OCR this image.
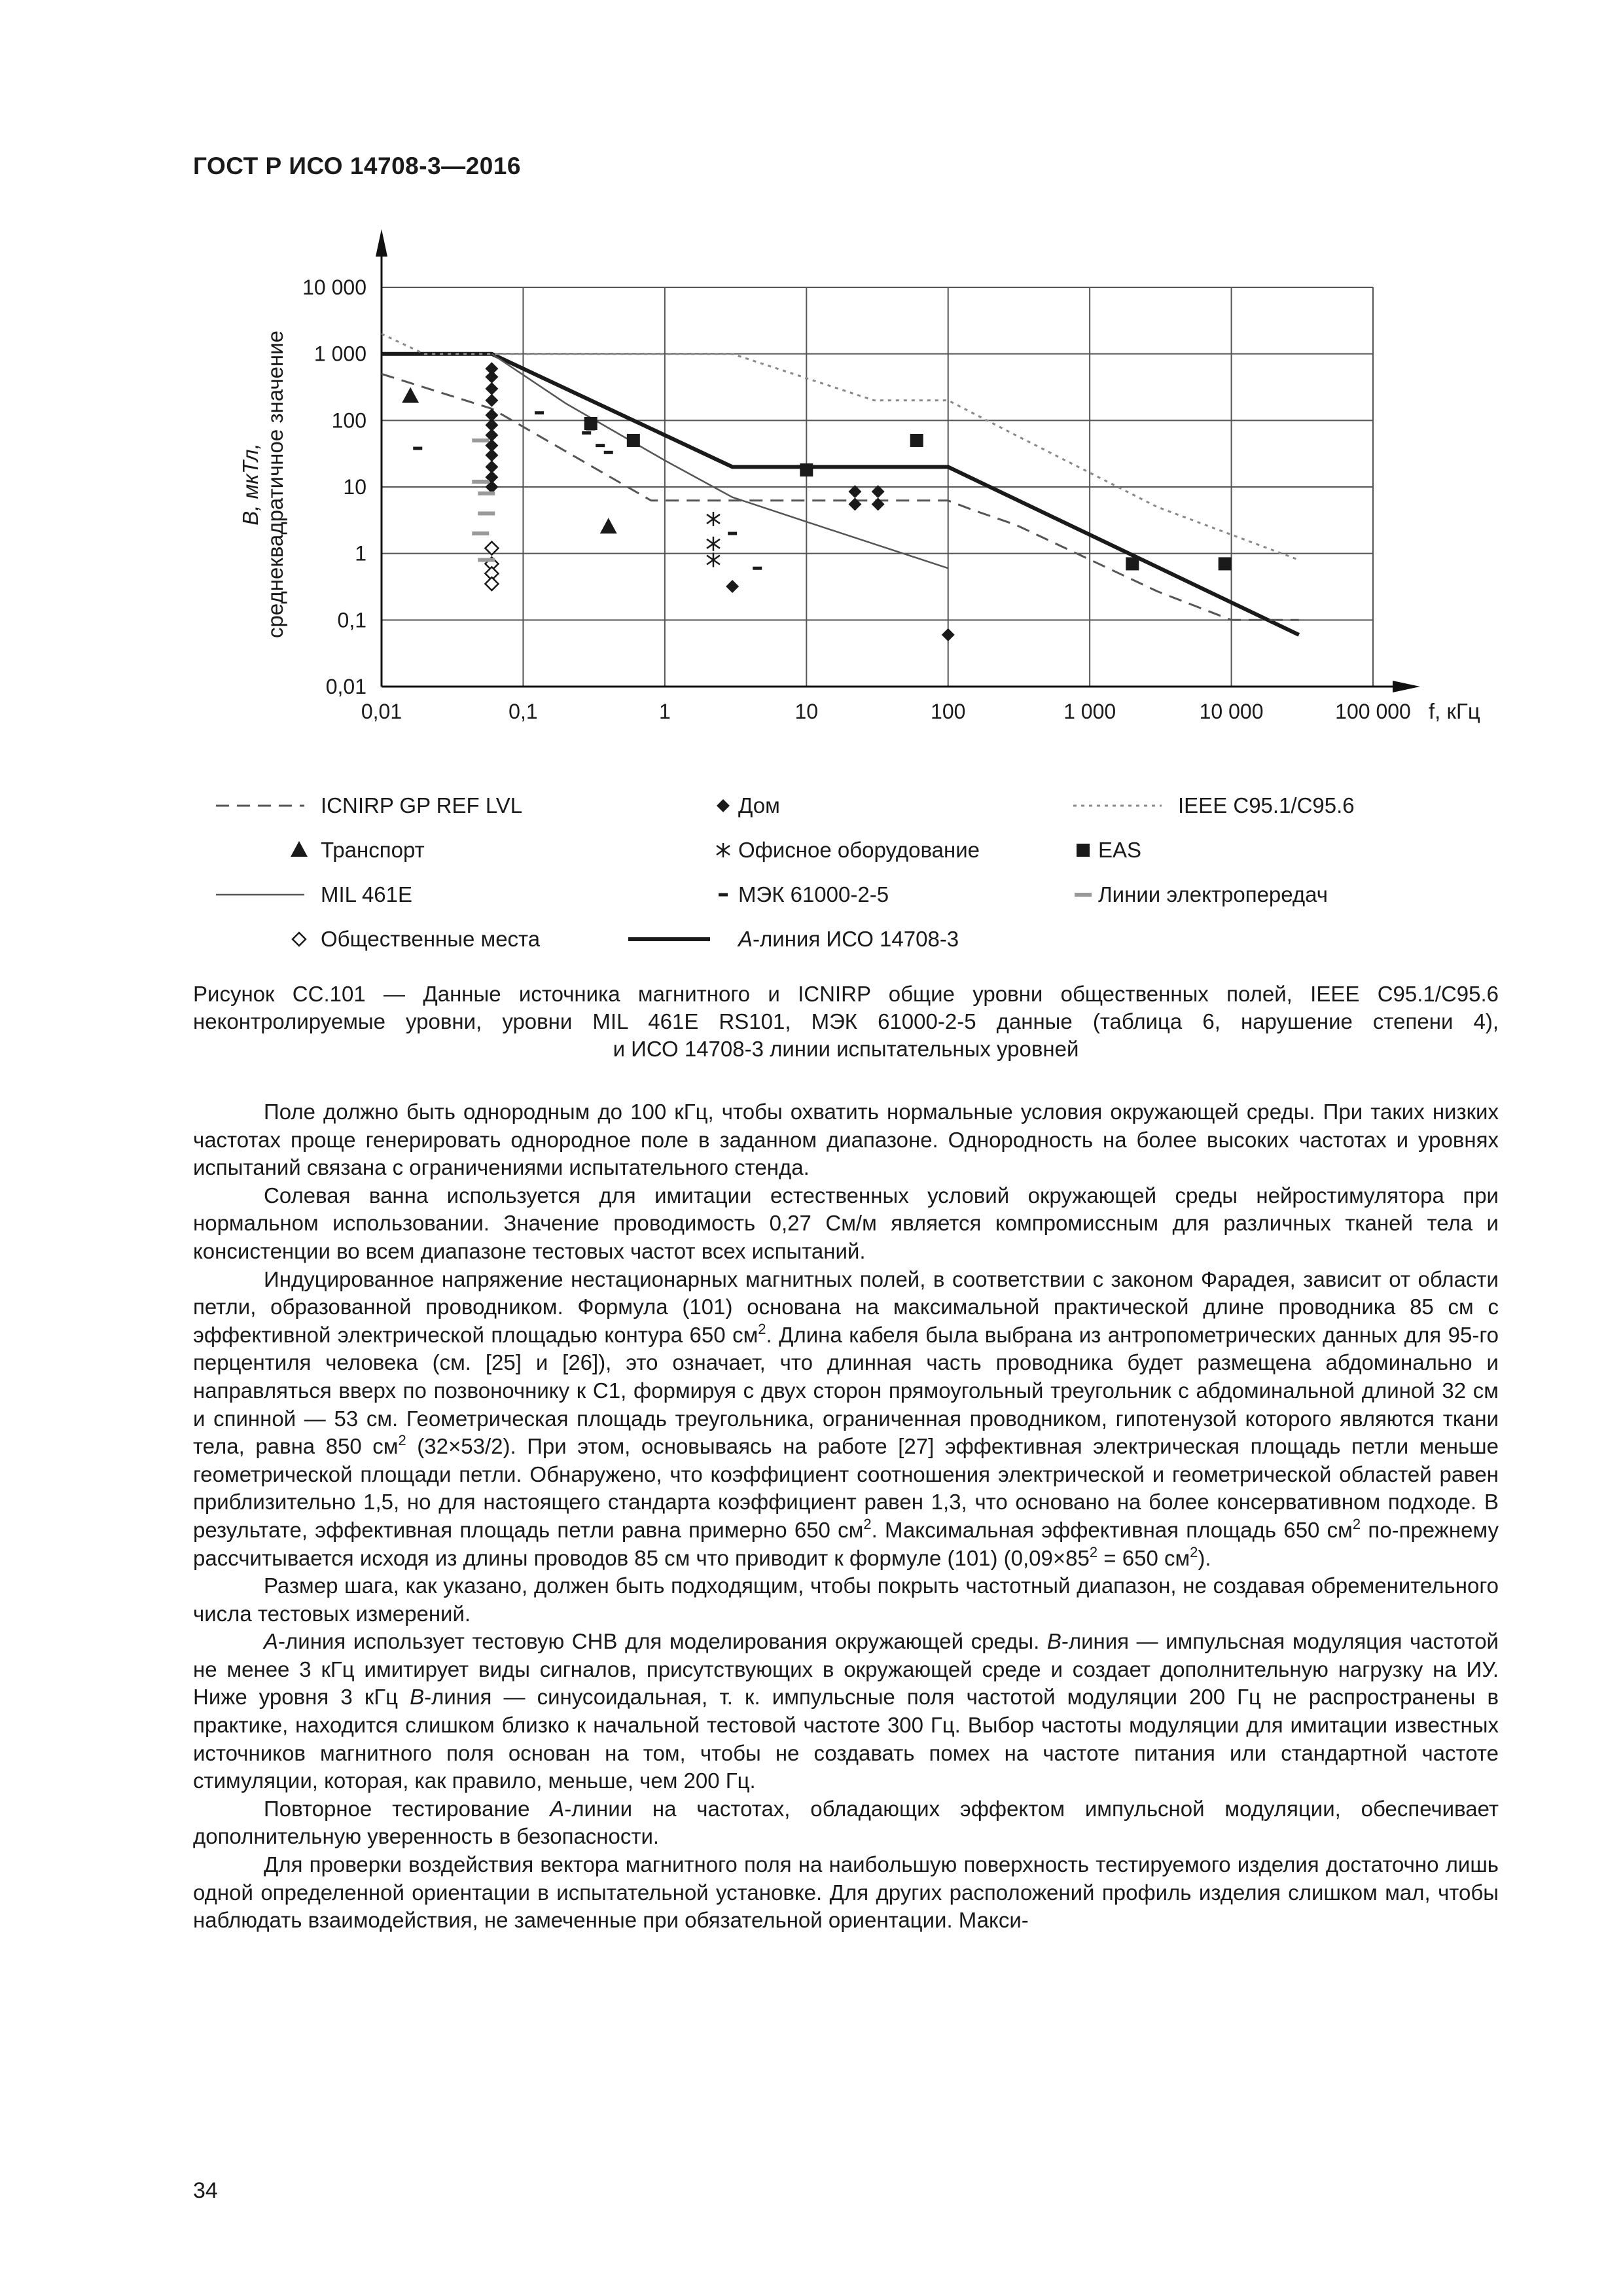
ГОСТ Р ИСО 14708-3—2016
0,01	0,1	1	10	100	1 000	10 000	100 000
10 000
1 000
100
10
1
0,1
0,01
B, мкТл, среднеквадратичное значение
f, кГц
ICNIRP GP REF LVL	Дом	IEEE C95.1/C95.6
Транспорт	Офисное оборудование	EAS
MIL 461E	МЭК 61000-2-5	Линии электропередач
Общественные места	A-линия ИСО 14708-3
Рисунок СС.101 — Данные источника магнитного и ICNIRP общие уровни общественных полей, IEEE C95.1/C95.6
неконтролируемые уровни, уровни MIL 461E RS101, МЭК 61000-2-5 данные (таблица 6, нарушение степени 4),
и ИСО 14708-3 линии испытательных уровней

Поле должно быть однородным до 100 кГц, чтобы охватить нормальные условия окружающей среды. При таких низких частотах проще генерировать однородное поле в заданном диапазоне. Однородность на более высоких частотах и уровнях испытаний связана с ограничениями испытательного стенда.

Солевая ванна используется для имитации естественных условий окружающей среды нейростимулятора при нормальном использовании. Значение проводимость 0,27 См/м является компромиссным для различных тканей тела и консистенции во всем диапазоне тестовых частот всех испытаний.

Индуцированное напряжение нестационарных магнитных полей, в соответствии с законом Фарадея, зависит от области петли, образованной проводником. Формула (101) основана на максимальной практической длине проводника 85 см с эффективной электрической площадью контура 650 $см^2$. Длина кабеля была выбрана из антропометрических данных для 95-го перцентиля человека (см. [25] и [26]), это означает, что длинная часть проводника будет размещена абдоминально и направляться вверх по позвоночнику к С1, формируя с двух сторон прямоугольный треугольник с абдоминальной длиной 32 см и спинной — 53 см. Геометрическая площадь треугольника, ограниченная проводником, гипотенузой которого являются ткани тела, равна 850 $см^2$ (32×53/2). При этом, основываясь на работе [27] эффективная электрическая площадь петли меньше геометрической площади петли. Обнаружено, что коэффициент соотношения электрической и геометрической областей равен приблизительно 1,5, но для настоящего стандарта коэффициент равен 1,3, что основано на более консервативном подходе. В результате, эффективная площадь петли равна примерно 650 $см^2$. Максимальная эффективная площадь 650 $см^2$ по-прежнему рассчитывается исходя из длины проводов 85 см что приводит к формуле (101) ($0,09\times 85^2 = 650$ $см^2$).

Размер шага, как указано, должен быть подходящим, чтобы покрыть частотный диапазон, не создавая обременительного числа тестовых измерений.

A-линия использует тестовую СНВ для моделирования окружающей среды. B-линия — импульсная модуляция частотой не менее 3 кГц имитирует виды сигналов, присутствующих в окружающей среде и создает дополнительную нагрузку на ИУ. Ниже уровня 3 кГц B-линия — синусоидальная, т. к. импульсные поля частотой модуляции 200 Гц не распространены в практике, находится слишком близко к начальной тестовой частоте 300 Гц. Выбор частоты модуляции для имитации известных источников магнитного поля основан на том, чтобы не создавать помех на частоте питания или стандартной частоте стимуляции, которая, как правило, меньше, чем 200 Гц.

Повторное тестирование A-линии на частотах, обладающих эффектом импульсной модуляции, обеспечивает дополнительную уверенность в безопасности.

Для проверки воздействия вектора магнитного поля на наибольшую поверхность тестируемого изделия достаточно лишь одной определенной ориентации в испытательной установке. Для других расположений профиль изделия слишком мал, чтобы наблюдать взаимодействия, не замеченные при обязательной ориентации. Макси-

34
